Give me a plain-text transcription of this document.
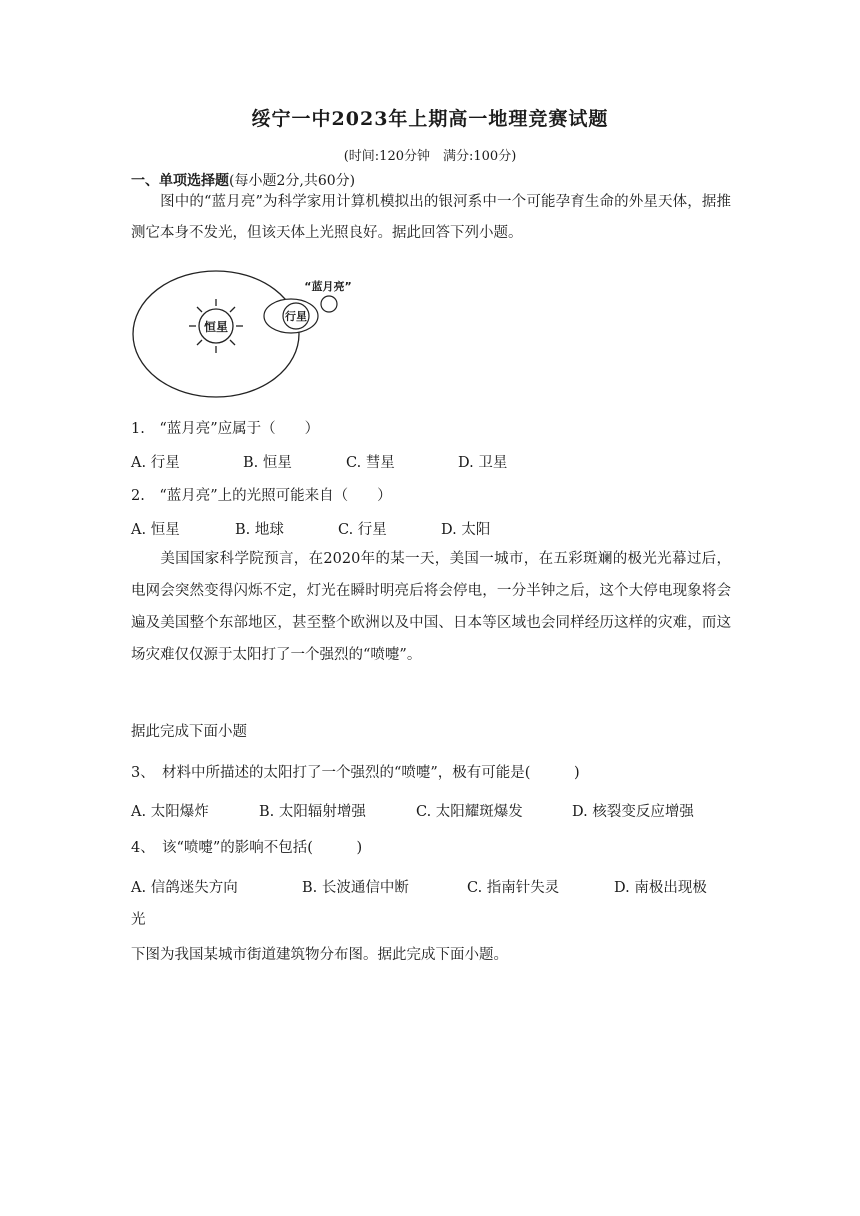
绥宁一中2023年上期高一地理竞赛试题
(时间:120分钟　满分:100分)
一、单项选择题(每小题2分,共60分)
图中的“蓝月亮”为科学家用计算机模拟出的银河系中一个可能孕育生命的外星天体，据推测它本身不发光，但该天体上光照良好。据此回答下列小题。
恒星
行星
“蓝月亮”
1.　“蓝月亮”应属于（　　）
A. 行星	B. 恒星	C. 彗星	D. 卫星
2.　“蓝月亮”上的光照可能来自（　　）
A. 恒星	B. 地球	C. 行星	D. 太阳
美国国家科学院预言，在2020年的某一天，美国一城市，在五彩斑斓的极光光幕过后，电网会突然变得闪烁不定，灯光在瞬时明亮后将会停电，一分半钟之后，这个大停电现象将会遍及美国整个东部地区，甚至整个欧洲以及中国、日本等区域也会同样经历这样的灾难，而这场灾难仅仅源于太阳打了一个强烈的“喷嚏”。
据此完成下面小题
3、　材料中所描述的太阳打了一个强烈的“喷嚏”，极有可能是(　　　)
A. 太阳爆炸	B. 太阳辐射增强	C. 太阳耀斑爆发	D. 核裂变反应增强
4、　该“喷嚏”的影响不包括(　　　)
A. 信鸽迷失方向	B. 长波通信中断	C. 指南针失灵	D. 南极出现极
光
下图为我国某城市街道建筑物分布图。据此完成下面小题。
